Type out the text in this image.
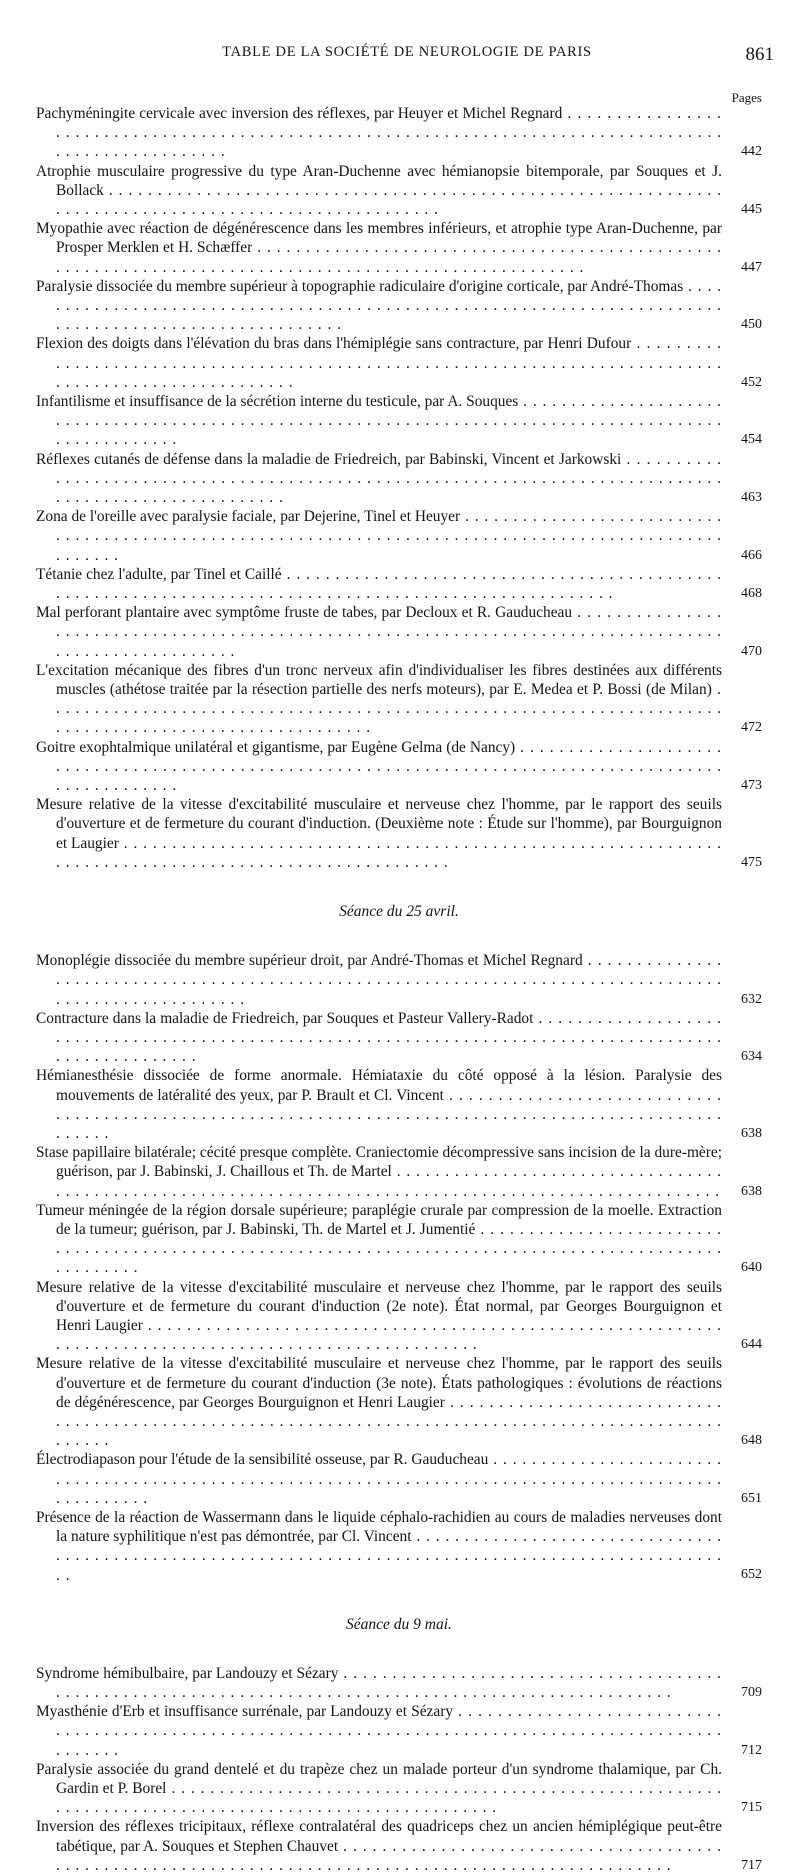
TABLE DE LA SOCIÉTÉ DE NEUROLOGIE DE PARIS	861
Pages
Pachyméningite cervicale avec inversion des réflexes, par Heuyer et Michel Regnard . . .
442
Atrophie musculaire progressive du type Aran-Duchenne avec hémianopsie bitemporale, par Souques et J. Bollack . . .
445
Myopathie avec réaction de dégénérescence dans les membres inférieurs, et atrophie type Aran-Duchenne, par Prosper Merklen et H. Schæffer . . .
447
Paralysie dissociée du membre supérieur à topographie radiculaire d'origine corticale, par André-Thomas . . .
450
Flexion des doigts dans l'élévation du bras dans l'hémiplégie sans contracture, par Henri Dufour . . .
452
Infantilisme et insuffisance de la sécrétion interne du testicule, par A. Souques . . .
454
Réflexes cutanés de défense dans la maladie de Friedreich, par Babinski, Vincent et Jarkowski . . .
463
Zona de l'oreille avec paralysie faciale, par Dejerine, Tinel et Heuyer . . .
466
Tétanie chez l'adulte, par Tinel et Caillé . . .
468
Mal perforant plantaire avec symptôme fruste de tabes, par Decloux et R. Gauducheau . . .
470
L'excitation mécanique des fibres d'un tronc nerveux afin d'individualiser les fibres destinées aux différents muscles (athétose traitée par la résection partielle des nerfs moteurs), par E. Medea et P. Bossi (de Milan) . . .
472
Goitre exophtalmique unilatéral et gigantisme, par Eugène Gelma (de Nancy) . . .
473
Mesure relative de la vitesse d'excitabilité musculaire et nerveuse chez l'homme, par le rapport des seuils d'ouverture et de fermeture du courant d'induction. (Deuxième note : Étude sur l'homme), par Bourguignon et Laugier . . .
475
Séance du 25 avril.
Monoplégie dissociée du membre supérieur droit, par André-Thomas et Michel Regnard . . .
632
Contracture dans la maladie de Friedreich, par Souques et Pasteur Vallery-Radot . . .
634
Hémianesthésie dissociée de forme anormale. Hémiataxie du côté opposé à la lésion. Paralysie des mouvements de latéralité des yeux, par P. Brault et Cl. Vincent . . .
638
Stase papillaire bilatérale; cécité presque complète. Craniectomie décompressive sans incision de la dure-mère; guérison, par J. Babinski, J. Chaillous et Th. de Martel . . .
638
Tumeur méningée de la région dorsale supérieure; paraplégie crurale par compression de la moelle. Extraction de la tumeur; guérison, par J. Babinski, Th. de Martel et J. Jumentié . . .
640
Mesure relative de la vitesse d'excitabilité musculaire et nerveuse chez l'homme, par le rapport des seuils d'ouverture et de fermeture du courant d'induction (2e note). État normal, par Georges Bourguignon et Henri Laugier . . .
644
Mesure relative de la vitesse d'excitabilité musculaire et nerveuse chez l'homme, par le rapport des seuils d'ouverture et de fermeture du courant d'induction (3e note). États pathologiques : évolutions de réactions de dégénérescence, par Georges Bourguignon et Henri Laugier . . .
648
Électrodiapason pour l'étude de la sensibilité osseuse, par R. Gauducheau . . .
651
Présence de la réaction de Wassermann dans le liquide céphalo-rachidien au cours de maladies nerveuses dont la nature syphilitique n'est pas démontrée, par Cl. Vincent . . .
652
Séance du 9 mai.
Syndrome hémibulbaire, par Landouzy et Sézary . . .
709
Myasthénie d'Erb et insuffisance surrénale, par Landouzy et Sézary . . .
712
Paralysie associée du grand dentelé et du trapèze chez un malade porteur d'un syndrome thalamique, par Ch. Gardin et P. Borel . . .
715
Inversion des réflexes tricipitaux, réflexe contralatéral des quadriceps chez un ancien hémiplégique peut-être tabétique, par A. Souques et Stephen Chauvet . . .
717
